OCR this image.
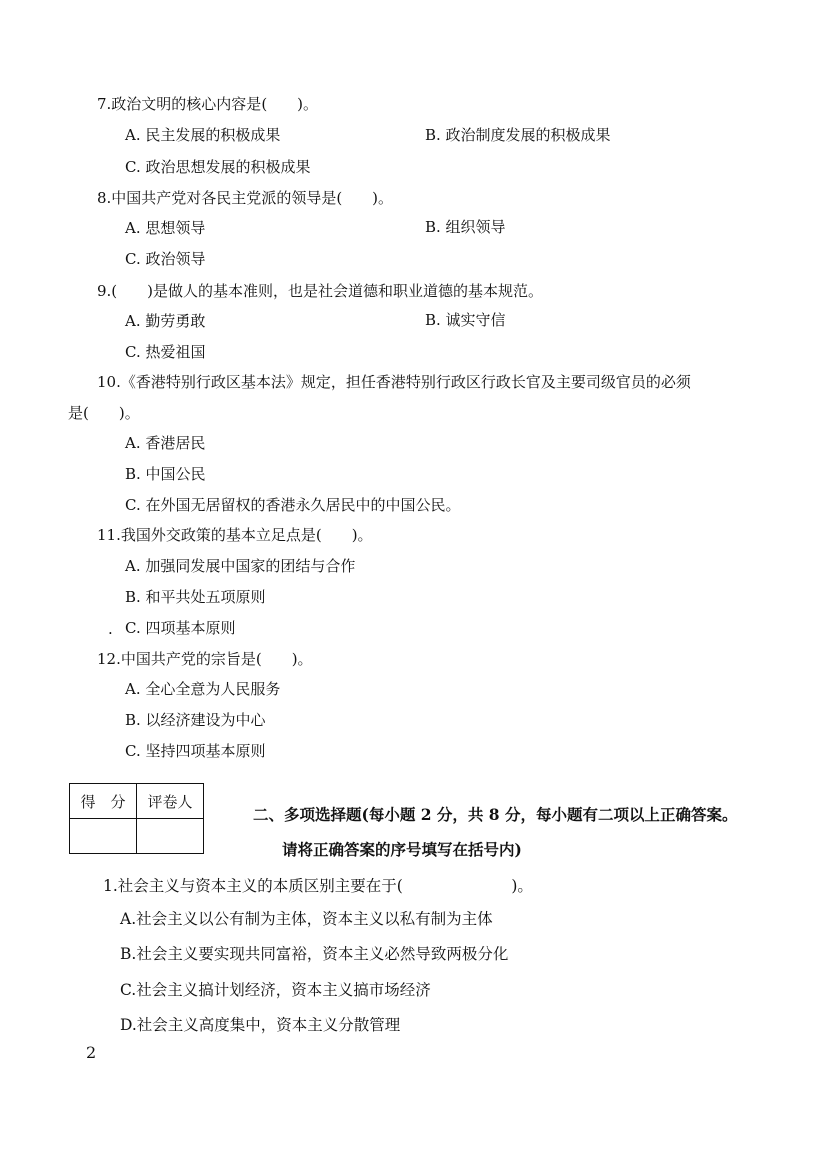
7.政治文明的核心内容是(　　)。
A. 民主发展的积极成果	B. 政治制度发展的积极成果
C. 政治思想发展的积极成果
8.中国共产党对各民主党派的领导是(　　)。
A. 思想领导	B. 组织领导
C. 政治领导
9.(　　)是做人的基本准则，也是社会道德和职业道德的基本规范。
A. 勤劳勇敢	B. 诚实守信
C. 热爱祖国
10.《香港特别行政区基本法》规定，担任香港特别行政区行政长官及主要司级官员的必须
是(　　)。
A. 香港居民
B. 中国公民
C. 在外国无居留权的香港永久居民中的中国公民。
11.我国外交政策的基本立足点是(　　)。
A. 加强同发展中国家的团结与合作
B. 和平共处五项原则
. C. 四项基本原则
12.中国共产党的宗旨是(　　)。
A. 全心全意为人民服务
B. 以经济建设为中心
C. 坚持四项基本原则
得　分	评卷人

二、多项选择题(每小题 2 分，共 8 分，每小题有二项以上正确答案。
请将正确答案的序号填写在括号内)
1.社会主义与资本主义的本质区别主要在于(　　　　　　　)。
A.社会主义以公有制为主体，资本主义以私有制为主体
B.社会主义要实现共同富裕，资本主义必然导致两极分化
C.社会主义搞计划经济，资本主义搞市场经济
D.社会主义高度集中，资本主义分散管理
2
